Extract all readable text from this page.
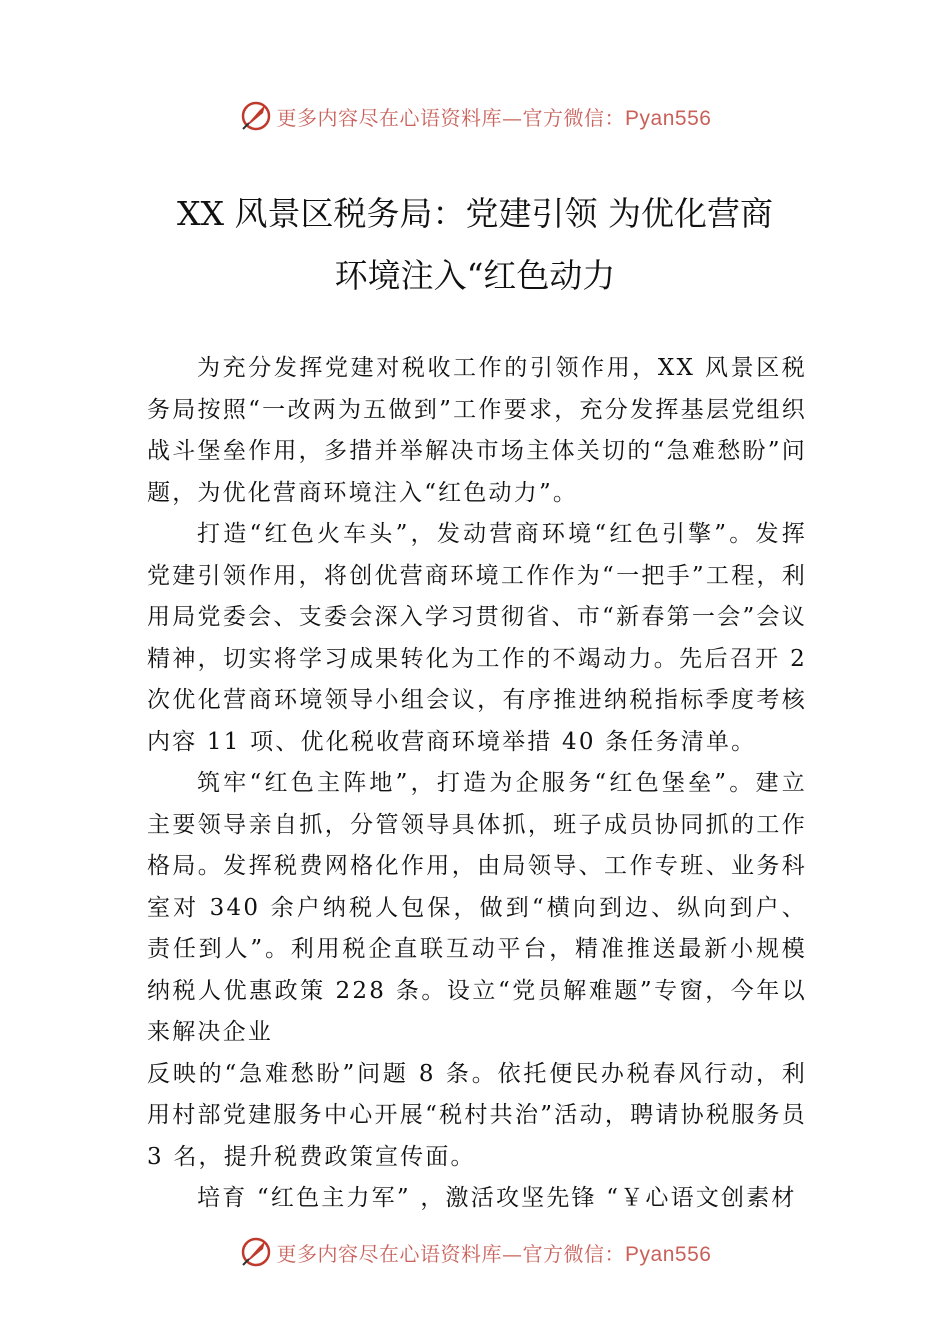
更多内容尽在心语资料库—官方微信：Pyan556
XX 风景区税务局：党建引领 为优化营商
环境注入“红色动力

为充分发挥党建对税收工作的引领作用，XX 风景区税务局按照“一改两为五做到”工作要求，充分发挥基层党组织战斗堡垒作用，多措并举解决市场主体关切的“急难愁盼”问题，为优化营商环境注入“红色动力”。

打造“红色火车头”，发动营商环境“红色引擎”。发挥党建引领作用，将创优营商环境工作作为“一把手”工程，利用局党委会、支委会深入学习贯彻省、市“新春第一会”会议精神，切实将学习成果转化为工作的不竭动力。先后召开 2 次优化营商环境领导小组会议，有序推进纳税指标季度考核内容 11 项、优化税收营商环境举措 40 条任务清单。

筑牢“红色主阵地”，打造为企服务“红色堡垒”。建立主要领导亲自抓，分管领导具体抓，班子成员协同抓的工作格局。发挥税费网格化作用，由局领导、工作专班、业务科室对 340 余户纳税人包保，做到“横向到边、纵向到户、责任到人”。利用税企直联互动平台，精准推送最新小规模纳税人优惠政策 228 条。设立“党员解难题”专窗，今年以来解决企业

反映的“急难愁盼”问题 8 条。依托便民办税春风行动，利用村部党建服务中心开展“税村共治”活动，聘请协税服务员 3 名，提升税费政策宣传面。

培育 “红色主力军” ，激活攻坚先锋 “￥心语文创素材

更多内容尽在心语资料库—官方微信：Pyan556
